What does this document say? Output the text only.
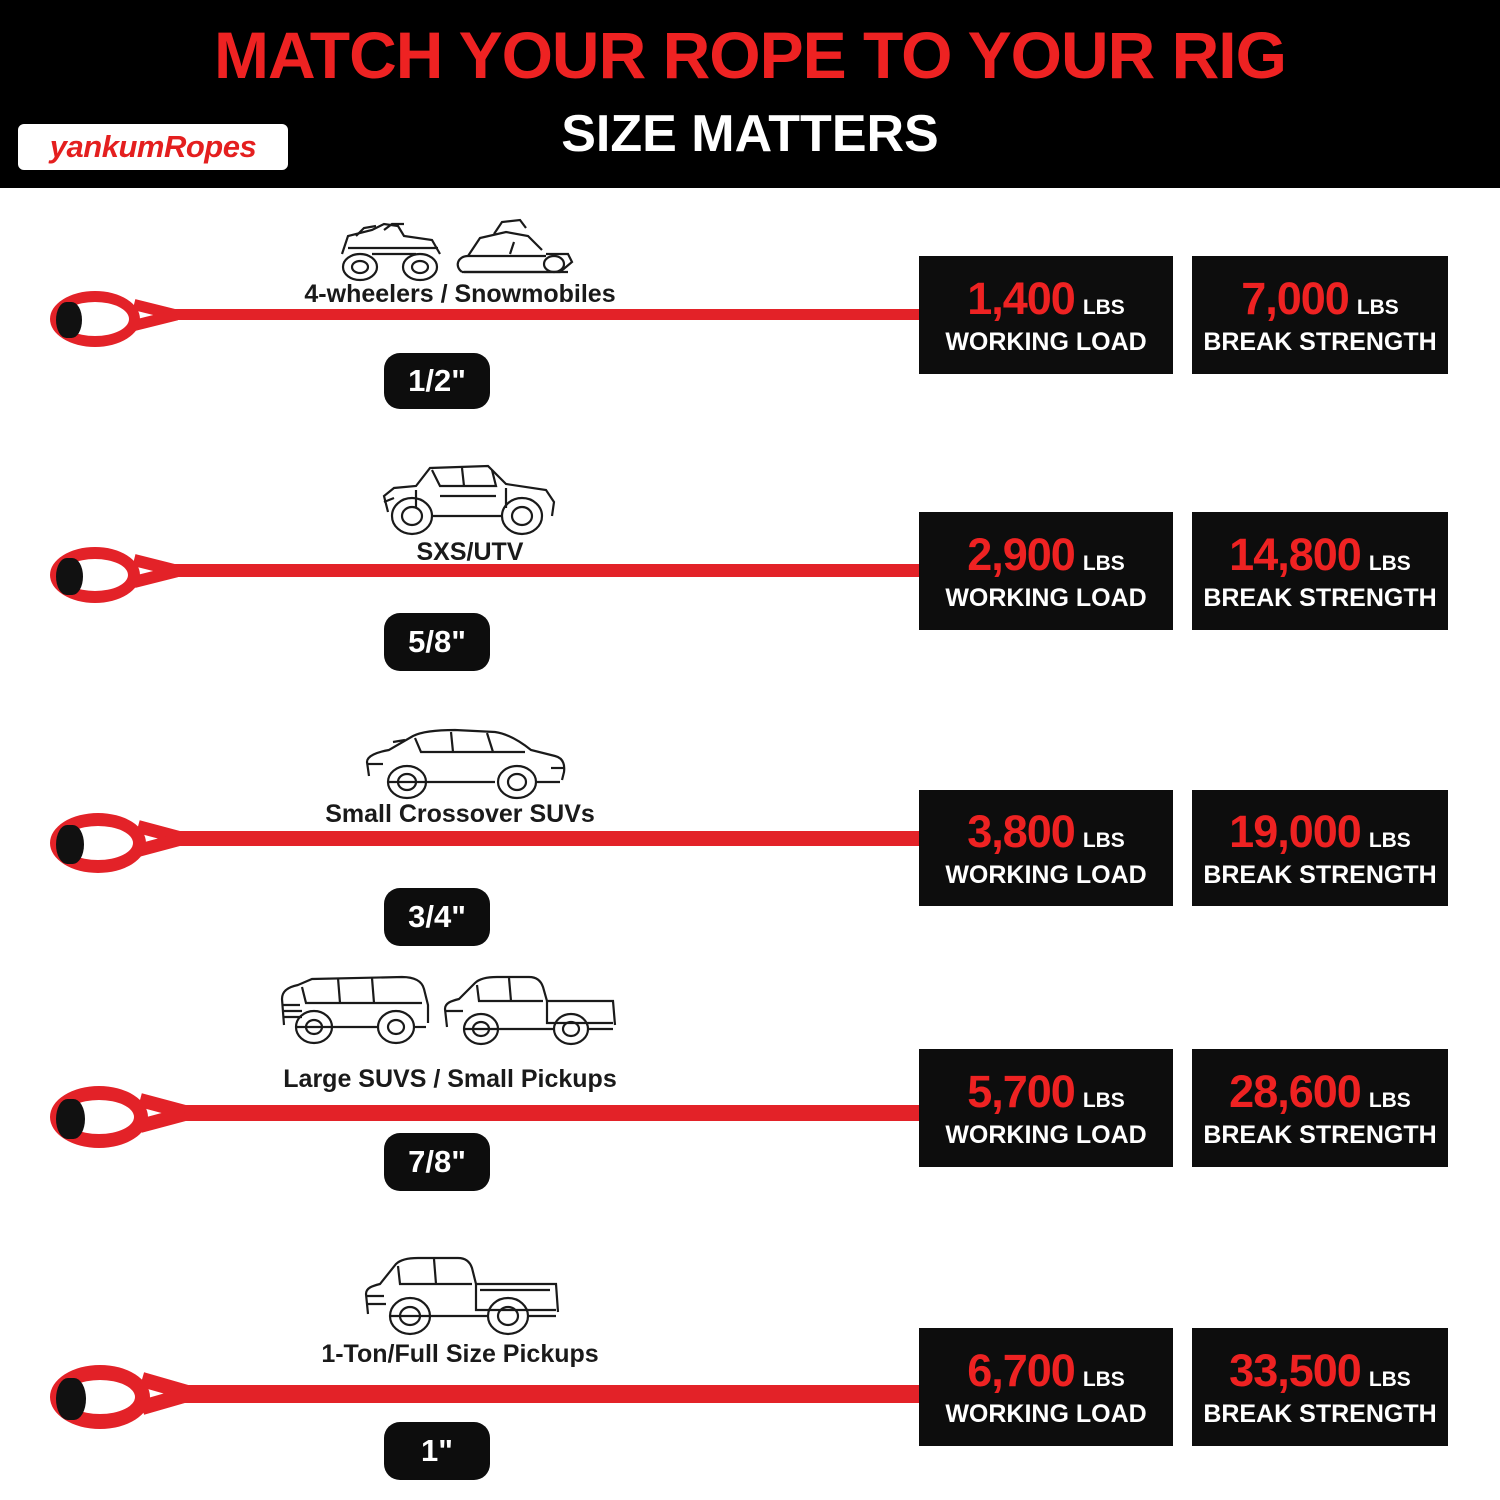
MATCH YOUR ROPE TO YOUR RIG
SIZE MATTERS
yankumRopes
4-wheelers / Snowmobiles
1/2"
1,400 LBS
WORKING LOAD
7,000 LBS
BREAK STRENGTH
SXS/UTV
5/8"
2,900 LBS
WORKING LOAD
14,800 LBS
BREAK STRENGTH
Small Crossover SUVs
3/4"
3,800 LBS
WORKING LOAD
19,000 LBS
BREAK STRENGTH
Large SUVS / Small Pickups
7/8"
5,700 LBS
WORKING LOAD
28,600 LBS
BREAK STRENGTH
1-Ton/Full Size Pickups
1"
6,700 LBS
WORKING LOAD
33,500 LBS
BREAK STRENGTH
